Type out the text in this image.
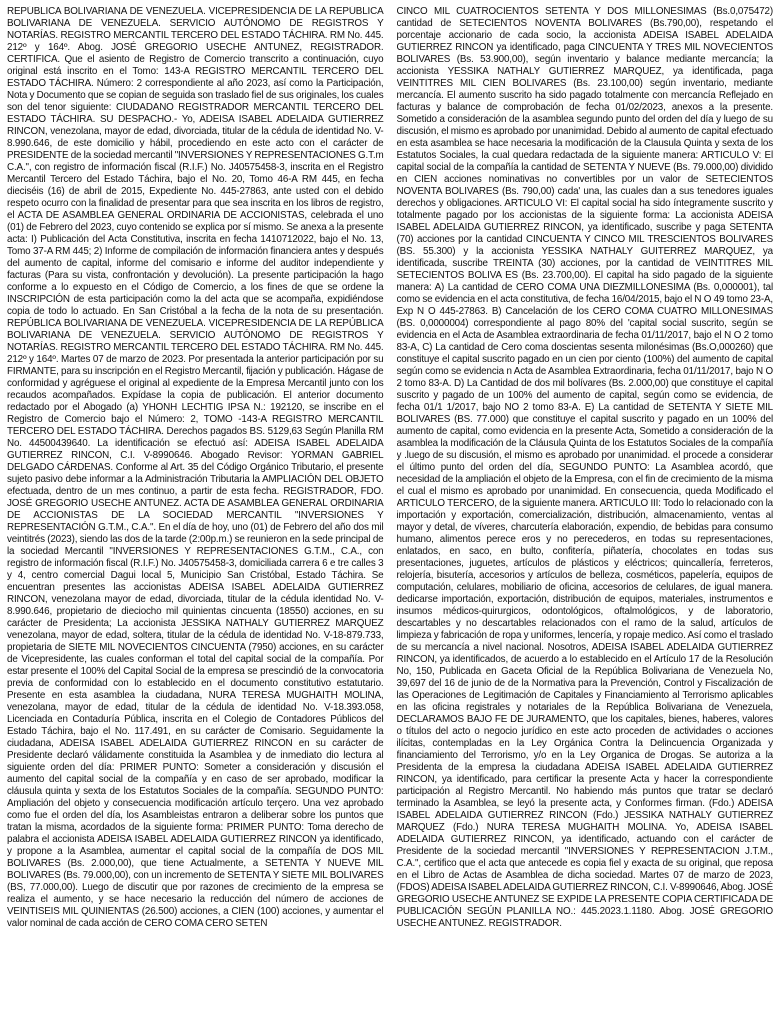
REPÚBLICA BOLIVARIANA DE VENEZUELA. VICEPRESIDENCIA DE LA REPÚBLICA BOLIVARIANA DE VENEZUELA. SERVICIO AUTÓNOMO DE REGISTROS Y NOTARÍAS. REGISTRO MERCANTIL TERCERO DEL ESTADO TÁCHIRA. RM No. 445. 212º y 164º. Abog. JOSÉ GREGORIO USECHE ANTUNEZ, REGISTRADOR. CERTIFICA. Que el asiento de Registro de Comercio transcrito a continuación, cuyo original está inscrito en el Tomo: 143-A REGISTRO MERCANTIL TERCERO DEL ESTADO TÁCHIRA. Número: 2 correspondiente al año 2023, así como la Participación, Nota y Documento que se copian de seguida son traslado fiel de sus originales, los cuales son del tenor siguiente: CIUDADANO REGISTRADOR MERCANTIL TERCERO DEL ESTADO TÁCHIRA. SU DESPACHO.- Yo, ADEISA ISABEL ADELAIDA GUTIERREZ RINCON, venezolana, mayor de edad, divorciada, titular de la cédula de identidad No. V-8.990.646, de este domicilio y hábil, procediendo en este acto con el carácter de PRESIDENTE de la sociedad mercantil "INVERSIONES Y REPRESENTACIONES G.T.m C.A.", con registro de información fiscal (R.I.F.) No. J40575458-3, inscrita en el Registro Mercantil Tercero del Estado Táchira, bajo el No. 20, Tomo 46-A RM 445, en fecha dieciséis (16) de abril de 2015, Expediente No. 445-27863, ante usted con el debido respeto ocurro con la finalidad de presentar para que sea inscrita en los libros de registro, el ACTA DE ASAMBLEA GENERAL ORDINARIA DE ACCIONISTAS, celebrada el uno (01) de Febrero del 2023, cuyo contenido se explica por sí mismo. Se anexa a la presente acta: I) Publicación del Acta Constitutiva, inscrita en fecha 1410712022, bajo el No. 13, Tomo 37-A RM 445; 2) Informe de compilación de información financiera antes y después del aumento de capital, informe del comisario e informe del auditor independiente y facturas (Para su vista, confrontación y devolución). La presente participación la hago conforme a lo expuesto en el Código de Comercio, a los fines de que se ordene la INSCRIPCIÓN de esta participación como la del acta que se acompaña, expidiéndose copia de todo lo actuado. En San Cristóbal a la fecha de la nota de su presentación. REPÚBLICA BOLIVARIANA DE VENEZUELA. VICEPRESIDENCIA DE LA REPÚBLICA BOLIVARIANA DE VENEZUELA. SERVICIO AUTÓNOMO DE REGISTROS Y NOTARÍAS. REGISTRO MERCANTIL TERCERO DEL ESTADO TÁCHIRA. RM No. 445. 212º y 164º. Martes 07 de marzo de 2023. Por presentada la anterior participación por su FIRMANTE, para su inscripción en el Registro Mercantil, fijación y publicación. Hágase de conformidad y agréguese el original al expediente de la Empresa Mercantil junto con los recaudos acompañados. Expídase la copia de publicación. El anterior documento redactado por el Abogado (a) YHONH LECHTIG IPSA N.: 192120, se inscribe en el Registro de Comercio bajo el Número: 2, TOMO -143-A REGISTRO MERCANTIL TERCERO DEL ESTADO TÁCHIRA. Derechos pagados BS. 5129,63 Según Planilla RM No. 44500439640. La identificación se efectuó así: ADEISA ISABEL ADELAIDA GUTIERREZ RINCON, C.I. V-8990646. Abogado Revisor: YORMAN GABRIEL DELGADO CÁRDENAS. Conforme al Art. 35 del Código Orgánico Tributario, el presente sujeto pasivo debe informar a la Administración Tributaria la AMPLIACIÓN DEL OBJETO efectuada, dentro de un mes continuo, a partir de esta fecha. REGISTRADOR, FDO. JOSÉ GREGORIO USECHE ANTUNEZ. ACTA DE ASAMBLEA GENERAL ORDINARIA DE ACCIONISTAS DE LA SOCIEDAD MERCANTIL "INVERSIONES Y REPRESENTACIÓN G.T.M., C.A.". En el día de hoy, uno (01) de Febrero del año dos mil veintitrés (2023), siendo las dos de la tarde (2:00p.m.) se reunieron en la sede principal de la sociedad Mercantil "INVERSIONES Y REPRESENTACIONES G.T.M., C.A., con registro de información fiscal (R.I.F.) No. J40575458-3, domiciliada carrera 6 e tre calles 3 y 4, centro comercial Dagui local 5, Municipio San Cristóbal, Estado Táchira. Se encuentran presentes las accionistas ADEISA ISABEL ADELAIDA GUTIERREZ RINCON, venezolana mayor de edad, divorciada, titular de la cédula identidad No. V-8.990.646, propietario de dieciocho mil quinientas cincuenta (18550) acciones, en su carácter de Presidenta; La accionista JESSIKA NATHALY GUTIERREZ MARQUEZ venezolana, mayor de edad, soltera, titular de la cédula de identidad No. V-18-879.733, propietaria de SIETE MIL NOVECIENTOS CINCUENTA (7950) acciones, en su carácter de Vicepresidente, las cuales conforman el total del capital social de la compañía. Por estar presente el 100% del Capital Social de la empresa se prescindió de la convocatoria previa de conformidad con lo establecido en el documento constitutivo estatutario. Presente en esta asamblea la ciudadana, NURA TERESA MUGHAITH MOLINA, venezolana, mayor de edad, titular de la cédula de identidad No. V-18.393.058, Licenciada en Contaduría Pública, inscrita en el Colegio de Contadores Públicos del Estado Táchira, bajo el No. 117.491, en su carácter de Comisario. Seguidamente la ciudadana, ADEISA ISABEL ADELAIDA GUTIERREZ RINCON en su carácter de Presidente declaró válidamente constituida la Asamblea y de inmediato dio lectura al siguiente orden del día: PRIMER PUNTO: Someter a consideración y discusión el aumento del capital social de la compañía y en caso de ser aprobado, modificar la cláusula quinta y sexta de los Estatutos Sociales de la compañía. SEGUNDO PUNTO: Ampliación del objeto y consecuencia modificación artículo terçero. Una vez aprobado como fue el orden del día, los Asambleistas entraron a deliberar sobre los puntos que tratan la misma, acordados de la siguiente forma: PRIMER PUNTO: Toma derecho de palabra el accionista ADEISA ISABEL ADELAIDA GUTIERREZ RINCON ya identificado, y propone a la Asamblea, aumentar el capital social de la compañía de DOS MIL BOLIVARES (Bs. 2.000,00), que tiene Actualmente, a SETENTA Y NUEVE MIL BOLIVARES (Bs. 79.000,00), con un incremento de SETENTA Y SIETE MIL BOLIVARES (BS, 77.000,00). Luego de discutir que por razones de crecimiento de la empresa se realiza el aumento, y se hace necesario la reducción del número de acciones de VEINTISEIS MIL QUINIENTAS (26.500) acciones, a CIEN (100) acciones, y aumentar el valor nominal de cada acción de CERO COMA CERO SETEN

CINCO MIL CUATROCIENTOS SETENTA Y DOS MILLONESIMAS (Bs.0,075472) cantidad de SETECIENTOS NOVENTA BOLIVARES (Bs.790,00), respetando el porcentaje accionario de cada socio, la accionista ADEISA ISABEL ADELAIDA GUTIERREZ RINCON ya identificado, paga CINCUENTA Y TRES MIL NOVECIENTOS BOLIVARES (Bs. 53.900,00), según inventario y balance mediante mercancía; la accionista YESSIKA NATHALY GUTIERREZ MARQUEZ, ya identificada, paga VEINTITRES MIL CIEN BOLIVARES (Bs. 23.100,00) según inventario, mediante mercancía. El aumento suscrito ha sido pagado totalmente con mercancía Reflejado en facturas y balance de comprobación de fecha 01/02/2023, anexos a la presente. Sometido a consideración de la asamblea segundo punto del orden del día y luego de su discusión, el mismo es aprobado por unanimidad. Debido al aumento de capital efectuado en esta asamblea se hace necesaria la modificación de la Clausula Quinta y sexta de los Estatutos Sociales, la cual quedara redactada de la siguiente manera: ARTICULO V: El capital social de la compañía la cantidad de SETENTA Y NUEVE (Bs. 79.000,00) dividido en CIEN acciones nominativas no convertibles por un valor de SETECIENTOS NOVENTA BOLIVARES (Bs. 790,00) cada' una, las cuales dan a sus tenedores iguales derechos y obligaciones. ARTICULO VI: El capital social ha sido íntegramente suscrito y totalmente pagado por los accionistas de la siguiente forma: La accionista ADEISA ISABEL ADELAIDA GUTIERREZ RINCON, ya identificado, suscribe y paga SETENTA (70) acciones por la cantidad CINCUENTA Y CINCO MIL TRESCIENTOS BOLIVARES (BS. 55.300) y la accionista YESSIKA NATHALY GUITERREZ MARQUEZ, ya identificada, suscribe TREINTA (30) acciones, por la cantidad de VEINTITRES MIL SETECIENTOS BOLIVA ES (Bs. 23.700,00). El capital ha sido pagado de la siguiente manera: A) La cantidad de CERO COMA UNA DIEZMILLONESIMA (Bs. 0,000001), tal como se evidencia en el acta constitutiva, de fecha 16/04/2015, bajo el N O 49 tomo 23-A, Exp N O 445-27863. B) Cancelación de los CERO COMA CUATRO MILLONESIMAS (BS. 0,0000004) correspondiente al pago 80% del 'capital social suscrito, según se evidencia en el Acta de Asamblea extraordinaria de fecha 01/11/2017, bajo el N O 2 tomo 83-A, C) La cantidad de Cero coma doscientas sesenta milonésimas (Bs.O,000260) que constituye el capital suscrito pagado en un cien por ciento (100%) del aumento de capital según como se evidencia n Acta de Asamblea Extraordinaria, fecha 01/11/2017, bajo N O 2 tomo 83-A. D) La Cantidad de dos mil bolívares (Bs. 2.000,00) que constituye el capital suscrito y pagado de un 100% del aumento de capital, según como se evidencia, de fecha 01/1 1/2017, bajo NO 2 tomo 83-A. E) La cantidad de SETENTA Y SIETE MIL BOLIVARES (BS. 77.000) que constituye el capital suscrito y pagado en un 100% del aumento de capital, como evidencia en la presente Acta, Sometido a consideración de la asamblea la modificación de la Cláusula Quinta de los Estatutos Sociales de la compañía y .luego de su discusión, el mismo es aprobado por unanimidad. el procede a considerar el último punto del orden del día, SEGUNDO PUNTO: La Asamblea acordó, que necesidad de la ampliación el objeto de la Empresa, con el fin de crecimiento de la misma el cual el mismo es aprobado por unanimidad. En consecuencia, queda Modificado el ARTICULO TERCERO, de la siguiente manera. ARTICULO III: Todo lo relacionado con la importación y exportación, comercialización, distribución, almacenamiento, ventas al mayor y detal, de víveres, charcutería elaboración, expendio, de bebidas para consumo humano, alimentos perece eros y no perecederos, en todas su representaciones, enlatados, en saco, en bulto, confitería, piñatería, chocolates en todas sus presentaciones, juguetes, artículos de plásticos y eléctricos; quincallería, ferreteros, relojería, bisutería, accesorios y artículos de belleza, cosméticos, papelería, equipos de computación, celulares, mobiliario de oficina, accesorios de celulares, de igual manera. dedicarse importación, exportación, distribución de equipos, materiales, instrumentos e insumos médicos-quirurgicos, odontológicos, oftalmológicos, y de laboratorio, descartables y no descartables relacionados con el ramo de la salud, artículos de limpieza y fabricación de ropa y uniformes, lencería, y ropaje medico. Así como el traslado de su mercancía a nivel nacional. Nosotros, ADEISA ISABEL ADELAIDA GUTIERREZ RINCON, ya identificados, de acuerdo a lo establecido en el Artículo 17 de la Resolución No, 150, Publicada en Gaceta Oficial de la República Bolivariana de Venezuela No, 39,697 del 16 de junio de de la Normativa para la Prevención, Control y Fiscalización de las Operaciones de Legitimación de Capitales y Financiamiento al Terrorismo aplicables en las oficina registrales y notariales de la República Bolivariana de Venezuela, DECLARAMOS BAJO FE DE JURAMENTO, que los capitales, bienes, haberes, valores o títulos del acto o negocio jurídico en este acto proceden de actividades o acciones ilícitas, contempladas en la Ley Orgánica Contra la Delincuencia Organizada y financiamiento del Terrorismo, y/o en la Ley Organica de Drogas. Se autoriza a la Presidenta de la empresa la ciudadana ADEISA ISABEL ADELAIDA GUTIERREZ RINCON, ya identificado, para certificar la presente Acta y hacer la correspondiente participación al Registro Mercantil. No habiendo más puntos que tratar se declaró terminado la Asamblea, se leyó la presente acta, y Conformes firman. (Fdo.) ADEISA ISABEL ADELAIDA GUTIERREZ RINCON (Fdo.) JESSIKA NATHALY GUTIERREZ MARQUEZ (Fdo.) NURA TERESA MUGHAITH MOLINA. Yo, ADEISA ISABEL ADELAIDA GUTIERREZ RINCON, ya identificado, actuando con el carácter de Presidente de la sociedad mercantil "INVERSIONES Y REPRESENTACION J.T.M., C.A.", certifico que el acta que antecede es copia fiel y exacta de su original, que reposa en el Libro de Actas de Asamblea de dicha sociedad. Martes 07 de marzo de 2023, (FDOS) ADEISA ISABEL ADELAIDA GUTIERREZ RINCON, C.I. V-8990646, Abog. JOSÉ GREGORIO USECHE ANTUNEZ SE EXPIDE LA PRESENTE COPIA CERTIFICADA DE PUBLICACIÓN SEGÚN PLANILLA NO.: 445.2023.1.1180. Abog. JOSÉ GREGORIO USECHE ANTUNEZ. REGISTRADOR.
